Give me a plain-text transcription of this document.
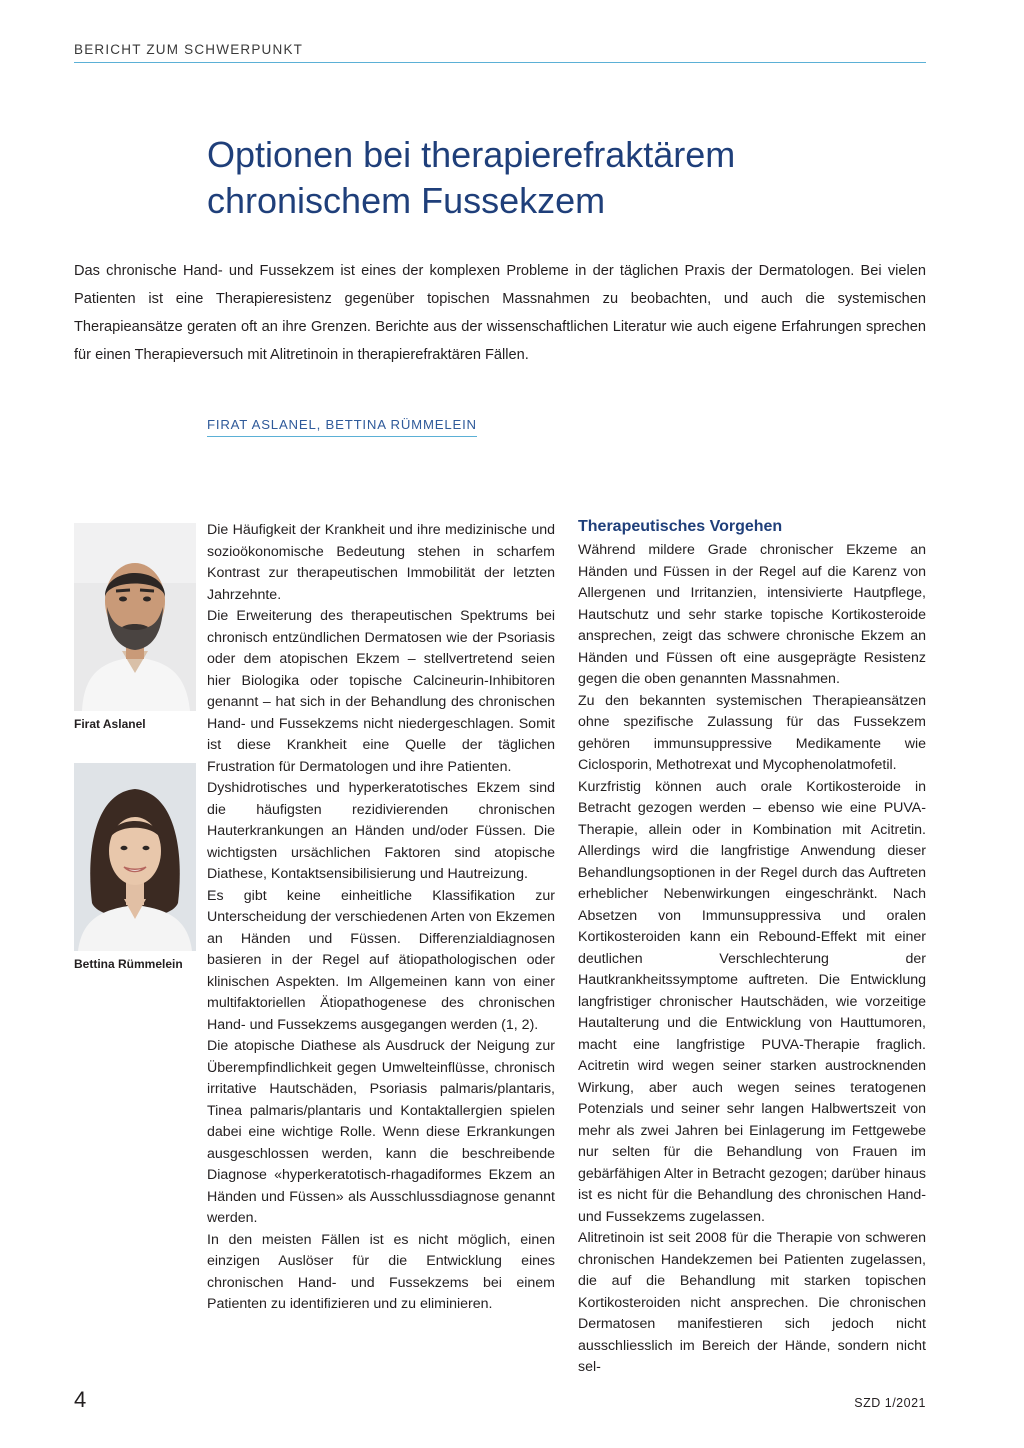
BERICHT ZUM SCHWERPUNKT
Optionen bei therapierefraktärem
chronischem Fussekzem

Das chronische Hand- und Fussekzem ist eines der komplexen Probleme in der täglichen Praxis der Dermatologen. Bei vielen Patienten ist eine Therapieresistenz gegenüber topischen Massnahmen zu beobachten, und auch die systemischen Therapieansätze geraten oft an ihre Grenzen. Berichte aus der wissenschaftlichen Literatur wie auch eigene Erfahrungen sprechen für einen Therapieversuch mit Alitretinoin in therapierefraktären Fällen.

FIRAT ASLANEL, BETTINA RÜMMELEIN
Firat Aslanel
Bettina Rümmelein

Die Häufigkeit der Krankheit und ihre medizinische und sozioökonomische Bedeutung stehen in scharfem Kontrast zur therapeutischen Immobilität der letzten Jahrzehnte.

Die Erweiterung des therapeutischen Spektrums bei chronisch entzündlichen Dermatosen wie der Psoriasis oder dem atopischen Ekzem – stellvertretend seien hier Biologika oder topische Calcineurin-Inhibitoren genannt – hat sich in der Behandlung des chronischen Hand- und Fussekzems nicht niedergeschlagen. Somit ist diese Krankheit eine Quelle der täglichen Frustration für Dermatologen und ihre Patienten.

Dyshidrotisches und hyperkeratotisches Ekzem sind die häufigsten rezidivierenden chronischen Hauterkrankungen an Händen und/oder Füssen. Die wichtigsten ursächlichen Faktoren sind atopische Diathese, Kontaktsensibilisierung und Hautreizung.

Es gibt keine einheitliche Klassifikation zur Unterscheidung der verschiedenen Arten von Ekzemen an Händen und Füssen. Differenzialdiagnosen basieren in der Regel auf ätiopathologischen oder klinischen Aspekten. Im Allgemeinen kann von einer multifaktoriellen Ätiopathogenese des chronischen Hand- und Fussekzems ausgegangen werden (1, 2).

Die atopische Diathese als Ausdruck der Neigung zur Überempfindlichkeit gegen Umwelteinflüsse, chronisch irritative Hautschäden, Psoriasis palmaris/plantaris, Tinea palmaris/plantaris und Kontaktallergien spielen dabei eine wichtige Rolle. Wenn diese Erkrankungen ausgeschlossen werden, kann die beschreibende Diagnose «hyperkeratotisch-rhagadiformes Ekzem an Händen und Füssen» als Ausschlussdiagnose genannt werden.

In den meisten Fällen ist es nicht möglich, einen einzigen Auslöser für die Entwicklung eines chronischen Hand- und Fussekzems bei einem Patienten zu identifizieren und zu eliminieren.

Therapeutisches Vorgehen

Während mildere Grade chronischer Ekzeme an Händen und Füssen in der Regel auf die Karenz von Allergenen und Irritanzien, intensivierte Hautpflege, Hautschutz und sehr starke topische Kortikosteroide ansprechen, zeigt das schwere chronische Ekzem an Händen und Füssen oft eine ausgeprägte Resistenz gegen die oben genannten Massnahmen.

Zu den bekannten systemischen Therapieansätzen ohne spezifische Zulassung für das Fussekzem gehören immunsuppressive Medikamente wie Ciclosporin, Methotrexat und Mycophenolatmofetil.

Kurzfristig können auch orale Kortikosteroide in Betracht gezogen werden – ebenso wie eine PUVA-Therapie, allein oder in Kombination mit Acitretin. Allerdings wird die langfristige Anwendung dieser Behandlungsoptionen in der Regel durch das Auftreten erheblicher Nebenwirkungen eingeschränkt. Nach Absetzen von Immunsuppressiva und oralen Kortikosteroiden kann ein Rebound-Effekt mit einer deutlichen Verschlechterung der Hautkrankheitssymptome auftreten. Die Entwicklung langfristiger chronischer Hautschäden, wie vorzeitige Hautalterung und die Entwicklung von Hauttumoren, macht eine langfristige PUVA-Therapie fraglich. Acitretin wird wegen seiner starken austrocknenden Wirkung, aber auch wegen seines teratogenen Potenzials und seiner sehr langen Halbwertszeit von mehr als zwei Jahren bei Einlagerung im Fettgewebe nur selten für die Behandlung von Frauen im gebärfähigen Alter in Betracht gezogen; darüber hinaus ist es nicht für die Behandlung des chronischen Hand- und Fussekzems zugelassen.

Alitretinoin ist seit 2008 für die Therapie von schweren chronischen Handekzemen bei Patienten zugelassen, die auf die Behandlung mit starken topischen Kortikosteroiden nicht ansprechen. Die chronischen Dermatosen manifestieren sich jedoch nicht ausschliesslich im Bereich der Hände, sondern nicht sel-

4	SZD 1/2021
